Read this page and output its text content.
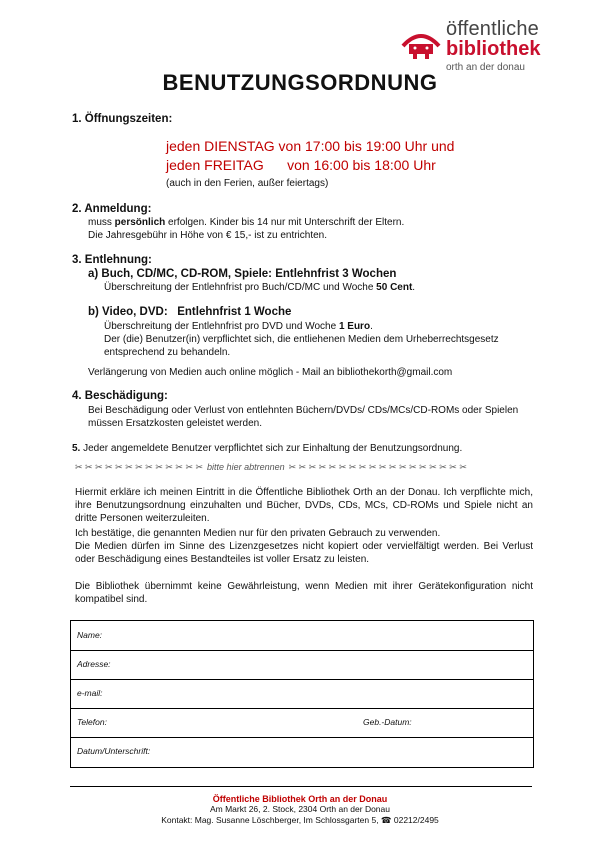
öffentliche
bibliothek
orth an der donau
BENUTZUNGSORDNUNG
1. Öffnungszeiten:
jeden DIENSTAG von 17:00 bis 19:00 Uhr und
jeden FREITAG      von 16:00 bis 18:00 Uhr
(auch in den Ferien, außer feiertags)
2. Anmeldung:
muss persönlich erfolgen. Kinder bis 14 nur mit Unterschrift der Eltern.
Die Jahresgebühr in Höhe von € 15,- ist zu entrichten.
3. Entlehnung:
a) Buch, CD/MC, CD-ROM, Spiele: Entlehnfrist 3 Wochen
Überschreitung der Entlehnfrist pro Buch/CD/MC und Woche 50 Cent.
b) Video, DVD:   Entlehnfrist 1 Woche
Überschreitung der Entlehnfrist pro DVD und Woche 1 Euro.
Der (die) Benutzer(in) verpflichtet sich, die entliehenen Medien dem Urheberrechtsgesetz
entsprechend zu behandeln.
Verlängerung von Medien auch online möglich - Mail an bibliothekorth@gmail.com
4. Beschädigung:
Bei Beschädigung oder Verlust von entlehnten Büchern/DVDs/ CDs/MCs/CD-ROMs oder Spielen
müssen Ersatzkosten geleistet werden.
5. Jeder angemeldete Benutzer verpflichtet sich zur Einhaltung der Benutzungsordnung.
✂ ✂ ✂ ✂ ✂ ✂ ✂ ✂ ✂ ✂ ✂ ✂ ✂ bitte hier abtrennen ✂ ✂ ✂ ✂ ✂ ✂ ✂ ✂ ✂ ✂ ✂ ✂ ✂ ✂ ✂ ✂ ✂ ✂
Hiermit erkläre ich meinen Eintritt in die Öffentliche Bibliothek Orth an der Donau. Ich verpflichte mich, ihre Benutzungsordnung einzuhalten und Bücher, DVDs, CDs, MCs, CD-ROMs und Spiele nicht an dritte Personen weiterzuleiten.
Ich bestätige, die genannten Medien nur für den privaten Gebrauch zu verwenden.
Die Medien dürfen im Sinne des Lizenzgesetzes nicht kopiert oder vervielfältigt werden. Bei Verlust oder Beschädigung eines Bestandteiles ist voller Ersatz zu leisten.
Die Bibliothek übernimmt keine Gewährleistung, wenn Medien mit ihrer Gerätekonfiguration nicht kompatibel sind.
Name:
Adresse:
e-mail:
Telefon:	Geb.-Datum:
Datum/Unterschrift:
Öffentliche Bibliothek Orth an der Donau
Am Markt 26, 2. Stock, 2304 Orth an der Donau
Kontakt: Mag. Susanne Löschberger, Im Schlossgarten 5, ☎ 02212/2495
